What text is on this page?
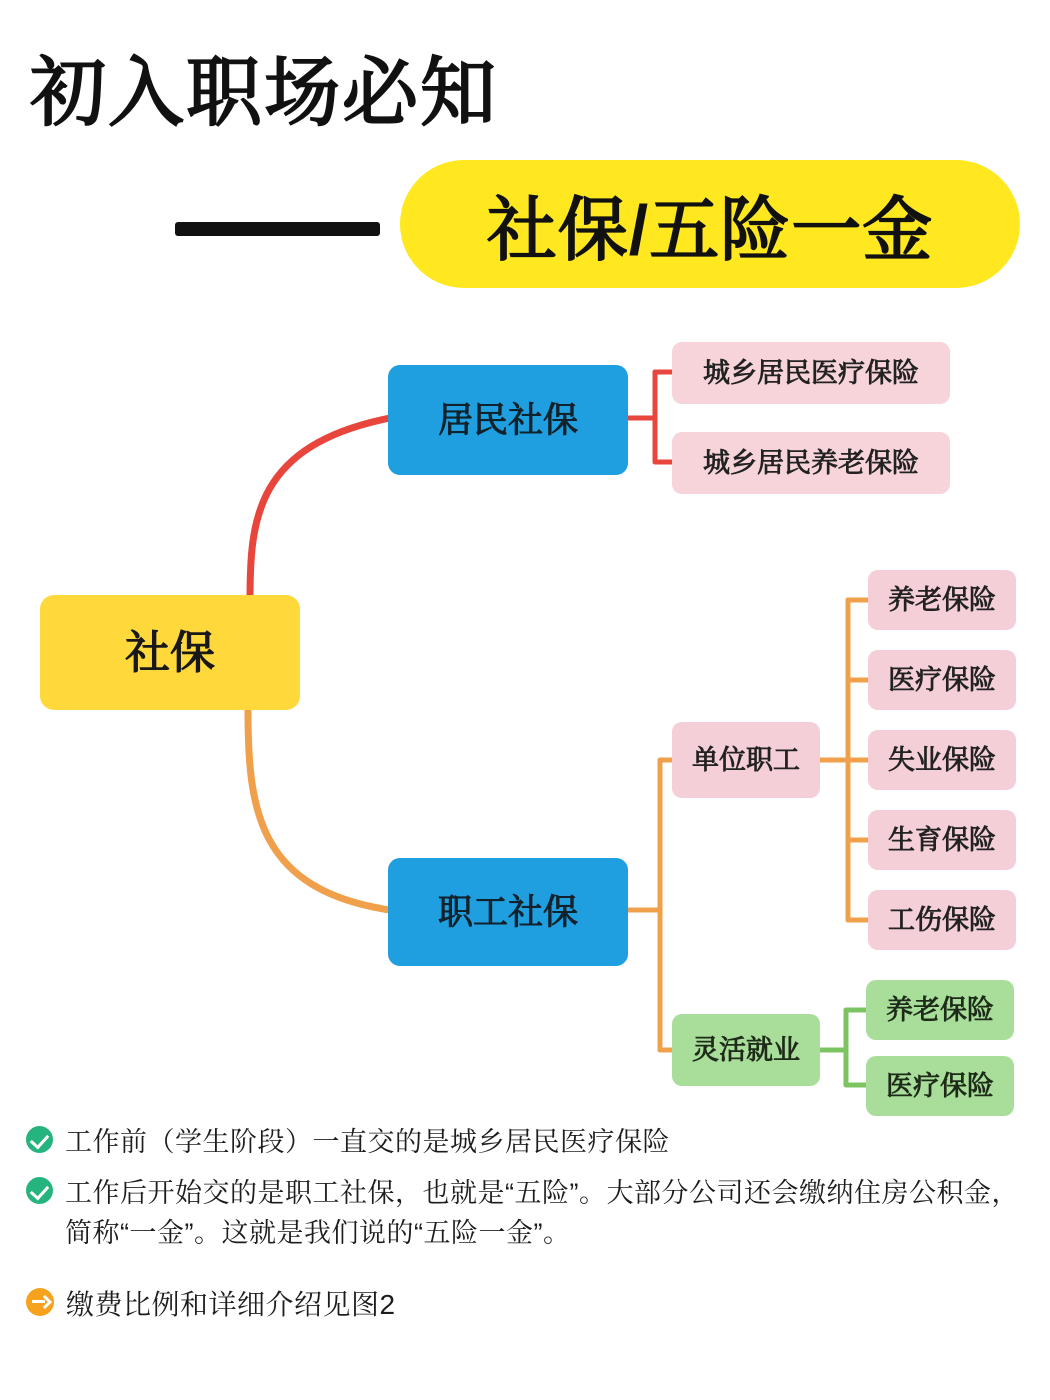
初入职场必知
社保/五险一金
社保
居民社保
城乡居民医疗保险
城乡居民养老保险
职工社保
单位职工
养老保险
医疗保险
失业保险
生育保险
工伤保险
灵活就业
养老保险
医疗保险
工作前（学生阶段）一直交的是城乡居民医疗保险
工作后开始交的是职工社保，也就是“五险”。大部分公司还会缴纳住房公积金，简称“一金”。这就是我们说的“五险一金”。
缴费比例和详细介绍见图2
